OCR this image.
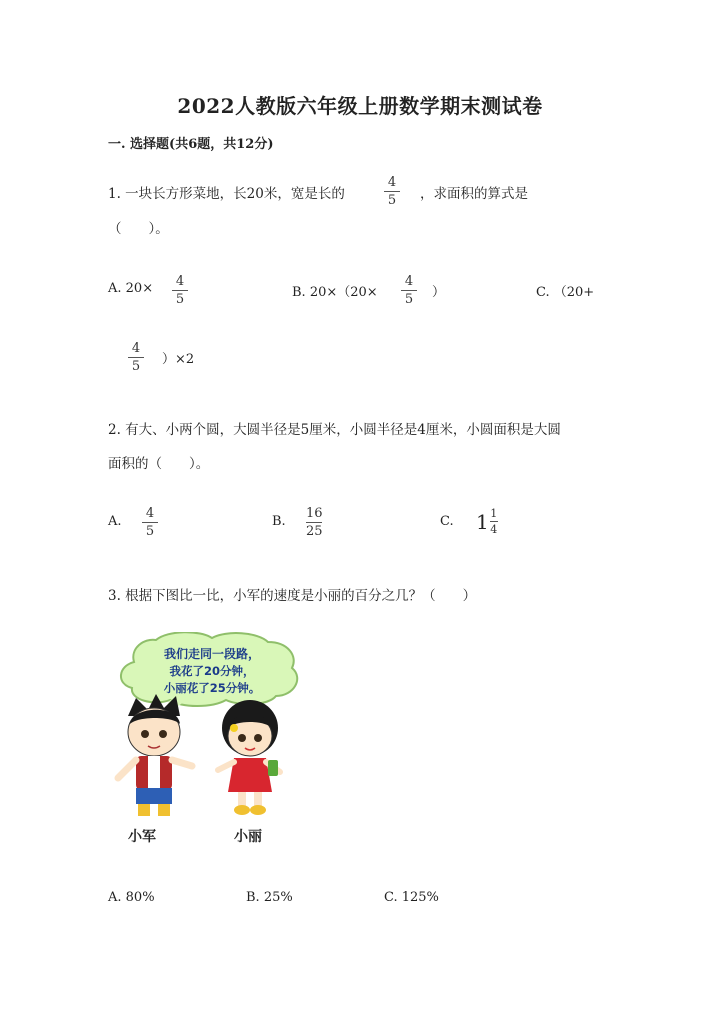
2022人教版六年级上册数学期末测试卷
一. 选择题(共6题，共12分)
1. 一块长方形菜地，长20米，宽是长的
4
5 ，求面积的算式是
（　　）。
A. 20× 4
5	B. 20×（20×
4
5 ）	C. （20+
4
5 ）×2
2. 有大、小两个圆，大圆半径是5厘米，小圆半径是4厘米，小圆面积是大圆
面积的（　　）。
A.
4
5
B.
16
25
C. $1 \frac{1}{4}$
3. 根据下图比一比，小军的速度是小丽的百分之几？（　　）
我们走同一段路，
我花了20分钟，
小丽花了25分钟。
小军	小丽
A. 80%	B. 25%	C. 125%
